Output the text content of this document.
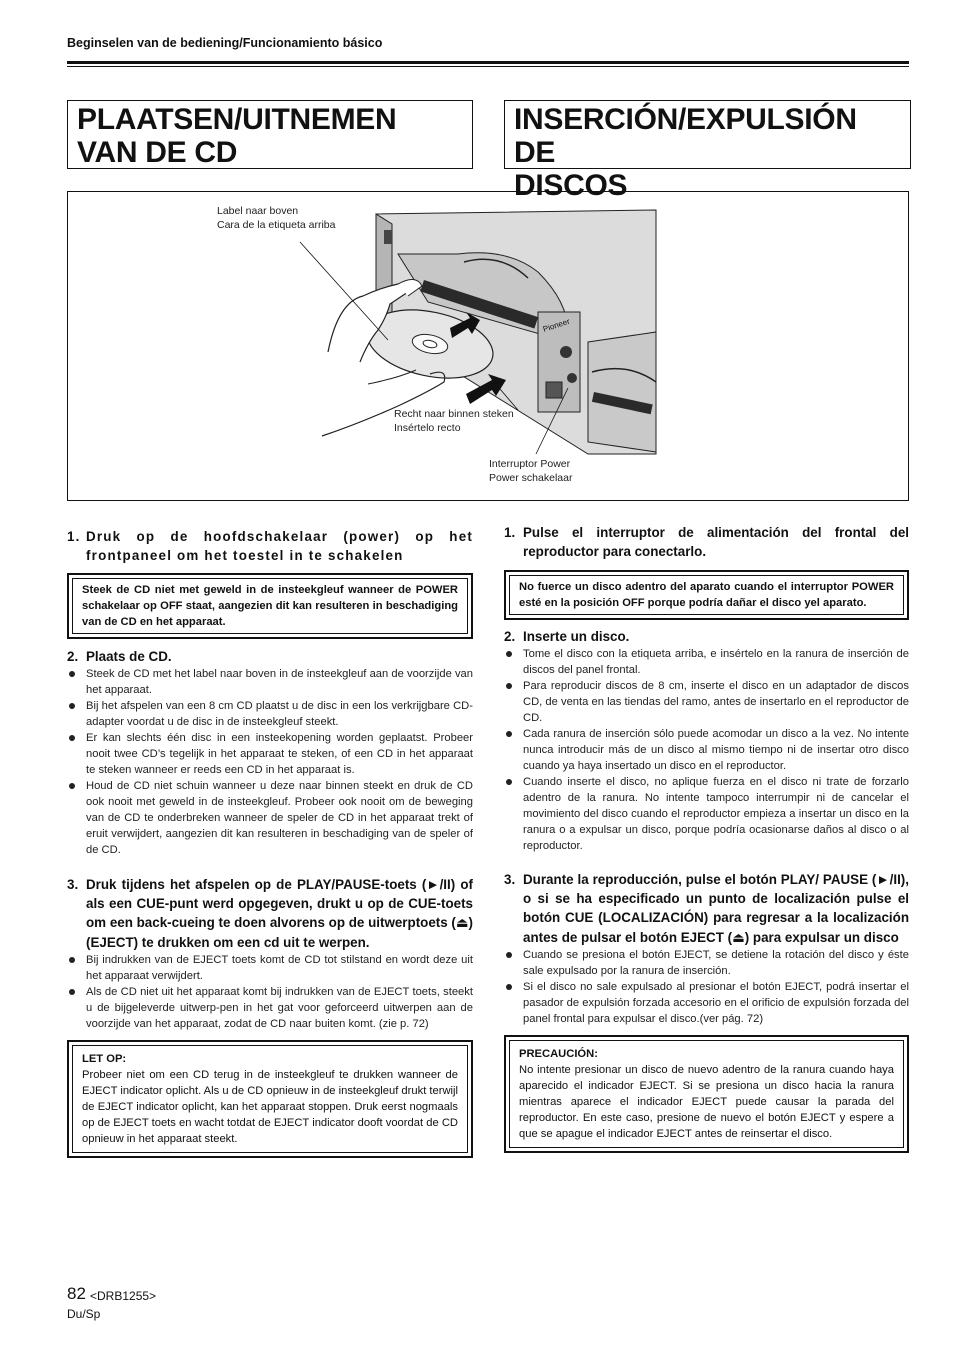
Beginselen van de bediening/Funcionamiento básico
PLAATSEN/UITNEMEN
VAN DE CD
INSERCIÓN/EXPULSIÓN DE
DISCOS
Pioneer
Label naar boven
Cara de la etiqueta arriba
Recht naar binnen steken
Insértelo recto
Interruptor Power
Power schakelaar
1. Druk op de hoofdschakelaar (power) op het frontpaneel om het toestel in te schakelen
Steek de CD niet met geweld in de insteekgleuf wanneer de POWER schakelaar op OFF staat, aangezien dit kan resulteren in beschadiging van de CD en het apparaat.
2. Plaats de CD.
Steek de CD met het label naar boven in de insteekgleuf aan de voorzijde van het apparaat.
Bij het afspelen van een 8 cm CD plaatst u de disc in een los verkrijgbare CD-adapter voordat u de disc in de insteekgleuf steekt.
Er kan slechts één disc in een insteekopening worden geplaatst. Probeer nooit twee CD’s tegelijk in het apparaat te steken, of een CD in het apparaat te steken wanneer er reeds een CD in het apparaat is.
Houd de CD niet schuin wanneer u deze naar binnen steekt en druk de CD ook nooit met geweld in de insteekgleuf. Probeer ook nooit om de beweging van de CD te onderbreken wanneer de speler de CD in het apparaat trekt of eruit verwijdert, aangezien dit kan resulteren in beschadiging van de speler of de CD.
3. Druk tijdens het afspelen op de PLAY/PAUSE-toets (►/II) of als een CUE-punt werd opgegeven, drukt u op de CUE-toets om een back-cueing te doen alvorens op de uitwerptoets (⏏) (EJECT) te drukken om een cd uit te werpen.
Bij indrukken van de EJECT toets komt de CD tot stilstand en wordt deze uit het apparaat verwijdert.
Als de CD niet uit het apparaat komt bij indrukken van de EJECT toets, steekt u de bijgeleverde uitwerp-pen in het gat voor geforceerd uitwerpen aan de voorzijde van het apparaat, zodat de CD naar buiten komt. (zie p. 72)
LET OP:
Probeer niet om een CD terug in de insteekgleuf te drukken wanneer de EJECT indicator oplicht. Als u de CD opnieuw in de insteekgleuf drukt terwijl de EJECT indicator oplicht, kan het apparaat stoppen. Druk eerst nogmaals op de EJECT toets en wacht totdat de EJECT indicator dooft voordat de CD opnieuw in het apparaat steekt.
1. Pulse el interruptor de alimentación del frontal del reproductor para conectarlo.
No fuerce un disco adentro del aparato cuando el interruptor POWER esté en la posición OFF porque podría dañar el disco yel aparato.
2. Inserte un disco.
Tome el disco con la etiqueta arriba, e insértelo en la ranura de inserción de discos del panel frontal.
Para reproducir discos de 8 cm, inserte el disco en un adaptador de discos CD, de venta en las tiendas del ramo, antes de insertarlo en el reproductor de CD.
Cada ranura de inserción sólo puede acomodar un disco a la vez. No intente nunca introducir más de un disco al mismo tiempo ni de insertar otro disco cuando ya haya insertado un disco en el reproductor.
Cuando inserte el disco, no aplique fuerza en el disco ni trate de forzarlo adentro de la ranura. No intente tampoco interrumpir ni de cancelar el movimiento del disco cuando el reproductor empieza a insertar un disco en la ranura o a expulsar un disco, porque podría ocasionarse daños al disco o al reproductor.
3. Durante la reproducción, pulse el botón PLAY/ PAUSE (►/II), o si se ha especificado un punto de localización pulse el botón CUE (LOCALIZACIÓN) para regresar a la localización antes de pulsar el botón EJECT (⏏) para expulsar un disco
Cuando se presiona el botón EJECT, se detiene la rotación del disco y éste sale expulsado por la ranura de inserción.
Si el disco no sale expulsado al presionar el botón EJECT, podrá insertar el pasador de expulsión forzada accesorio en el orificio de expulsión forzada del panel frontal para expulsar el disco.(ver pág. 72)
PRECAUCIÓN:
No intente presionar un disco de nuevo adentro de la ranura cuando haya aparecido el indicador EJECT. Si se presiona un disco hacia la ranura mientras aparece el indicador EJECT puede causar la parada del reproductor. En este caso, presione de nuevo el botón EJECT y espere a que se apague el indicador EJECT antes de reinsertar el disco.
82 <DRB1255>
Du/Sp
